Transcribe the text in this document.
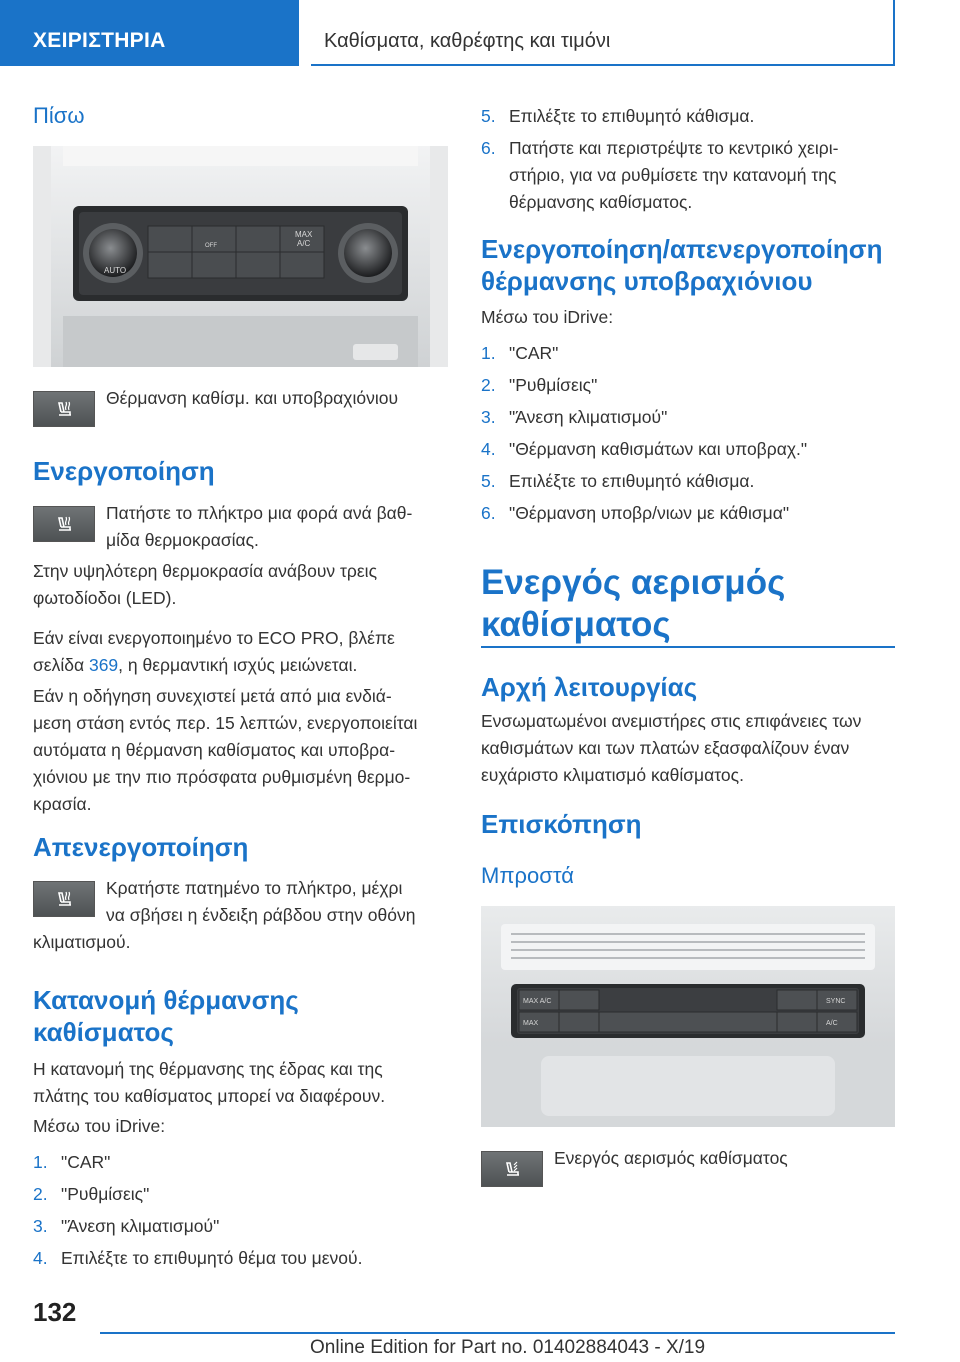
ΧΕΙΡΙΣΤΗΡΙΑ	Καθίσματα, καθρέφτης και τιμόνι
Πίσω
AUTO
MAX
A/C
OFF
Θέρμανση καθίσμ. και υποβραχιόνιου
Ενεργοποίηση
Πατήστε το πλήκτρο μια φορά ανά βαθ-
μίδα θερμοκρασίας.
Στην υψηλότερη θερμοκρασία ανάβουν τρεις
φωτοδίοδοι (LED).
Εάν είναι ενεργοποιημένο το ECO PRO, βλέπε
σελίδα 369, η θερμαντική ισχύς μειώνεται.
Εάν η οδήγηση συνεχιστεί μετά από μια ενδιά-
μεση στάση εντός περ. 15 λεπτών, ενεργοποιείται
αυτόματα η θέρμανση καθίσματος και υποβρα-
χιόνιου με την πιο πρόσφατα ρυθμισμένη θερμο-
κρασία.
Απενεργοποίηση
Κρατήστε πατημένο το πλήκτρο, μέχρι
να σβήσει η ένδειξη ράβδου στην οθόνη
κλιματισμού.
Κατανομή θέρμανσης
καθίσματος
Η κατανομή της θέρμανσης της έδρας και της
πλάτης του καθίσματος μπορεί να διαφέρουν.
Μέσω του iDrive:
1. "CAR"
2. "Ρυθμίσεις"
3. "Άνεση κλιματισμού"
4. Επιλέξτε το επιθυμητό θέμα του μενού.
5. Επιλέξτε το επιθυμητό κάθισμα.
6. Πατήστε και περιστρέψτε το κεντρικό χειρι-
στήριο, για να ρυθμίσετε την κατανομή της
θέρμανσης καθίσματος.
Ενεργοποίηση/απενεργοποίηση
θέρμανσης υποβραχιόνιου
Μέσω του iDrive:
1. "CAR"
2. "Ρυθμίσεις"
3. "Άνεση κλιματισμού"
4. "Θέρμανση καθισμάτων και υποβραχ."
5. Επιλέξτε το επιθυμητό κάθισμα.
6. "Θέρμανση υποβρ/νιων με κάθισμα"
Ενεργός αερισμός
καθίσματος
Αρχή λειτουργίας
Ενσωματωμένοι ανεμιστήρες στις επιφάνειες των
καθισμάτων και των πλατών εξασφαλίζουν έναν
ευχάριστο κλιματισμό καθίσματος.
Επισκόπηση
Μπροστά
MAX A/C	SYNC
MAX	A/C
Ενεργός αερισμός καθίσματος
132
Online Edition for Part no. 01402884043 - X/19
